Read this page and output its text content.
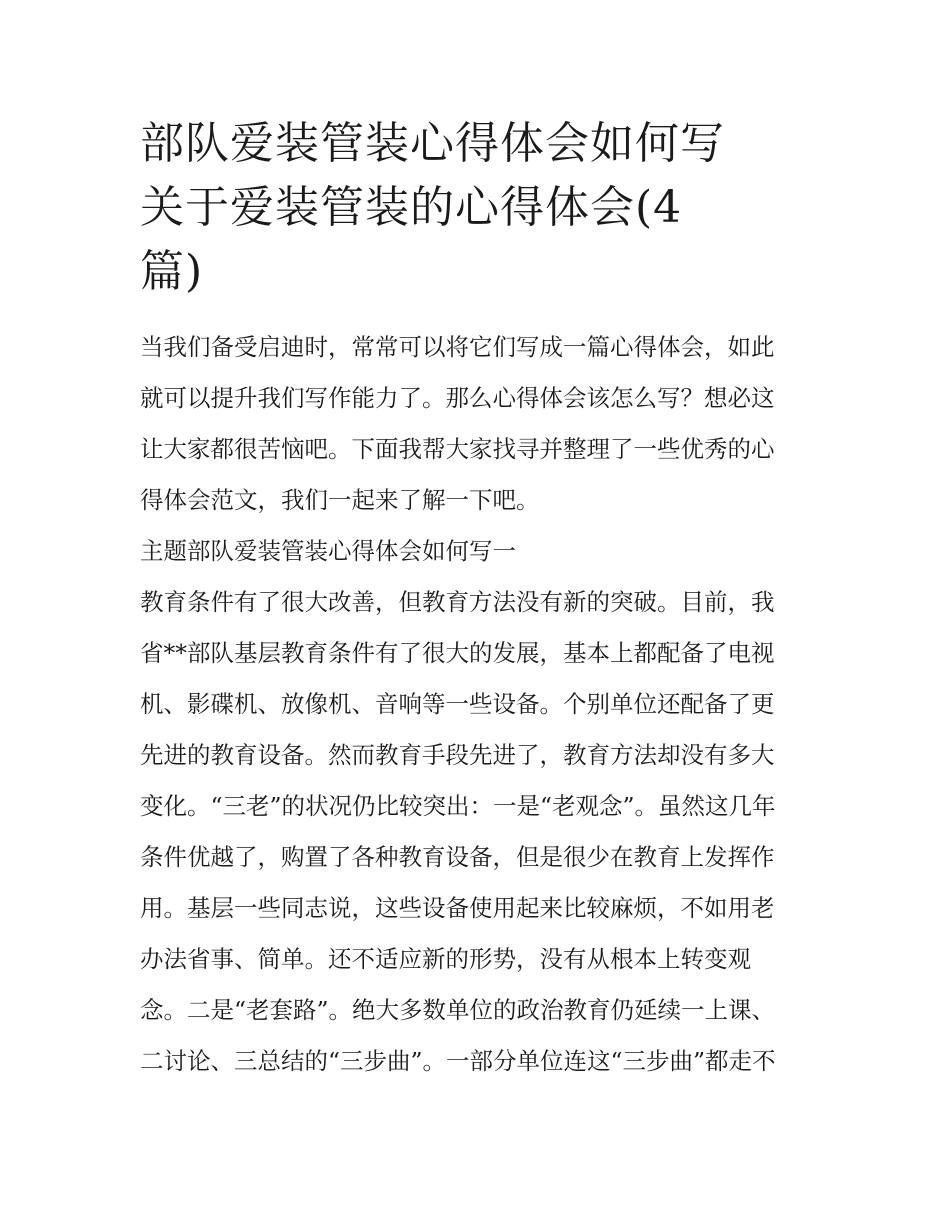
部队爱装管装心得体会如何写
关于爱装管装的心得体会(4
篇)
当我们备受启迪时，常常可以将它们写成一篇心得体会，如此
就可以提升我们写作能力了。那么心得体会该怎么写？想必这
让大家都很苦恼吧。下面我帮大家找寻并整理了一些优秀的心
得体会范文，我们一起来了解一下吧。
主题部队爱装管装心得体会如何写一
教育条件有了很大改善，但教育方法没有新的突破。目前，我
省**部队基层教育条件有了很大的发展，基本上都配备了电视
机、影碟机、放像机、音响等一些设备。个别单位还配备了更
先进的教育设备。然而教育手段先进了，教育方法却没有多大
变化。“三老”的状况仍比较突出：一是“老观念”。虽然这几年
条件优越了，购置了各种教育设备，但是很少在教育上发挥作
用。基层一些同志说，这些设备使用起来比较麻烦，不如用老
办法省事、简单。还不适应新的形势，没有从根本上转变观
念。二是“老套路”。绝大多数单位的政治教育仍延续一上课、
二讨论、三总结的“三步曲”。一部分单位连这“三步曲”都走不
